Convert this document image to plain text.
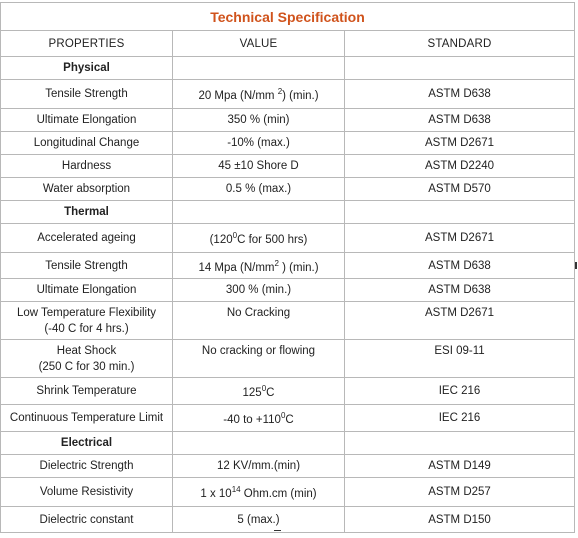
Technical Specification		
PROPERTIES	VALUE	STANDARD
Physical		
Tensile Strength	20 Mpa (N/mm $^2$) (min.)	ASTM D638
Ultimate Elongation	350 % (min)	ASTM D638
Longitudinal Change	-10% (max.)	ASTM D2671
Hardness	45 ±10 Shore D	ASTM D2240
Water absorption	0.5 % (max.)	ASTM D570
Thermal		
Accelerated ageing	($120^0C$ for 500 hrs)	ASTM D2671
Tensile Strength	14 Mpa ($N/mm^2$ ) (min.)	ASTM D638
Ultimate Elongation	300 % (min.)	ASTM D638
Low Temperature Flexibility
(-40 C for 4 hrs.)	No Cracking	ASTM D2671
Heat Shock
(250 C for 30 min.)	No cracking or flowing	ESI 09-11
Shrink Temperature	$125^0C$	IEC 216
Continuous Temperature Limit	-40 to $+110^0C$	IEC 216
Electrical		
Dielectric Strength	12 KV/mm.(min)	ASTM D149
Volume Resistivity	1 x $10^{14}$ Ohm.cm (min)	ASTM D257
Dielectric constant	5 (max.)	ASTM D150
